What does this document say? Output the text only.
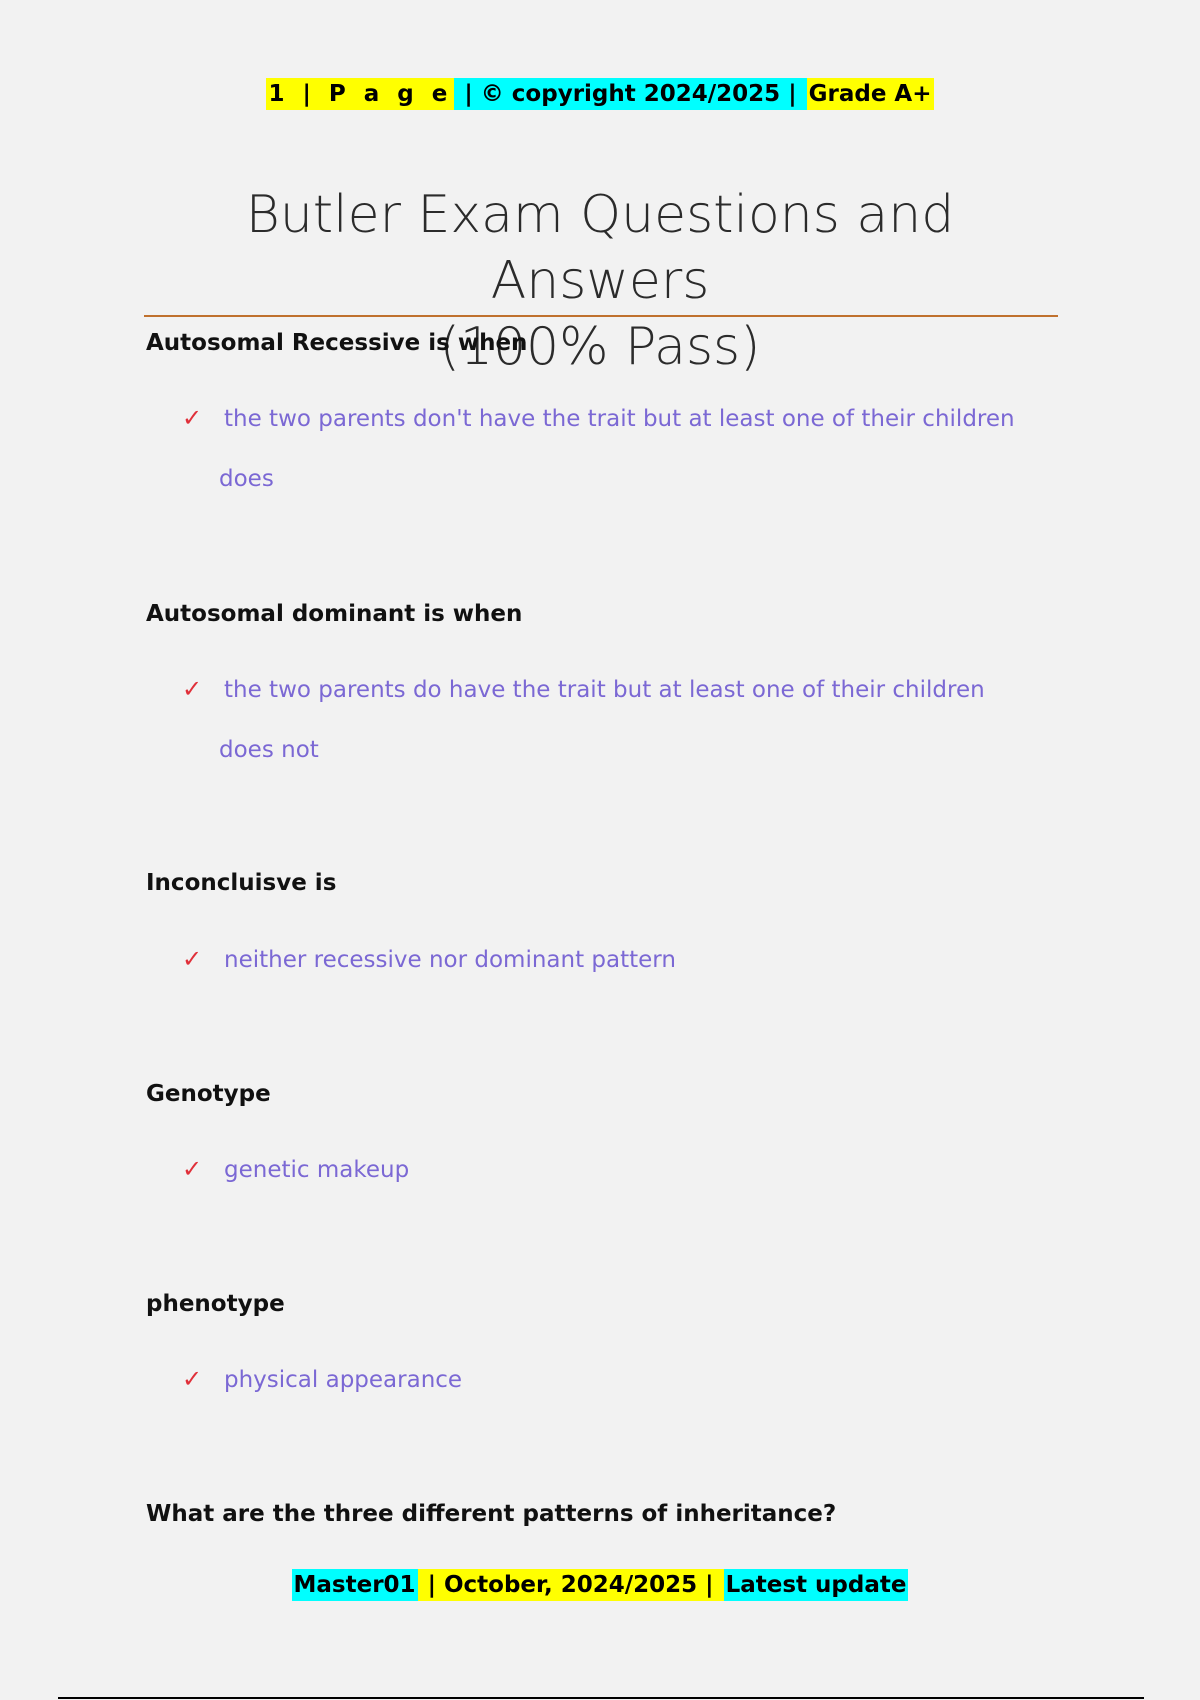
1 | P a g e | © copyright 2024/2025 | Grade A+
Butler Exam Questions and Answers
(100% Pass)
Autosomal Recessive is when
✓ the two parents don't have the trait but at least one of their children
does
Autosomal dominant is when
✓ the two parents do have the trait but at least one of their children
does not
Inconcluisve is
✓ neither recessive nor dominant pattern
Genotype
✓ genetic makeup
phenotype
✓ physical appearance
What are the three different patterns of inheritance?
Master01 | October, 2024/2025 | Latest update
